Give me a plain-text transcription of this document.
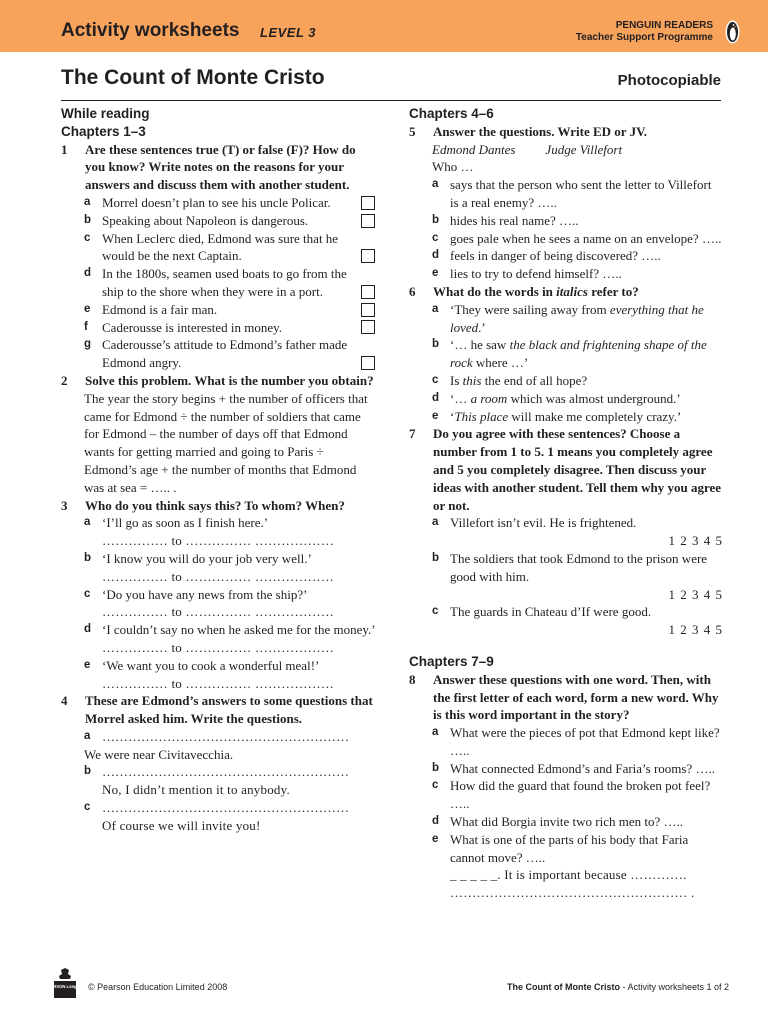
Activity worksheets LEVEL 3	PENGUIN READERS
Teacher Support Programme
The Count of Monte Cristo	Photocopiable
While reading
Chapters 1–3
1 Are these sentences true (T) or false (F)? How do you know? Write notes on the reasons for your answers and discuss them with another student.
a Morrel doesn’t plan to see his uncle Policar.
b Speaking about Napoleon is dangerous.
c When Leclerc died, Edmond was sure that he would be the next Captain.
d In the 1800s, seamen used boats to go from the ship to the shore when they were in a port.
e Edmond is a fair man.
f Caderousse is interested in money.
g Caderousse’s attitude to Edmond’s father made Edmond angry.
2 Solve this problem. What is the number you obtain?
The year the story begins + the number of officers that came for Edmond ÷ the number of soldiers that came for Edmond – the number of days off that Edmond wants for getting married and going to Paris ÷ Edmond’s age + the number of months that Edmond was at sea = ….. .
3 Who do you think says this? To whom? When?
a ‘I’ll go as soon as I finish here.’
…………… to …………… ………………
b ‘I know you will do your job very well.’
…………… to …………… ………………
c ‘Do you have any news from the ship?’
…………… to …………… ………………
d ‘I couldn’t say no when he asked me for the money.’
…………… to …………… ………………
e ‘We want you to cook a wonderful meal!’
…………… to …………… ………………
4 These are Edmond’s answers to some questions that Morrel asked him. Write the questions.
a …………………………………………………
We were near Civitavecchia.
b …………………………………………………
No, I didn’t mention it to anybody.
c …………………………………………………
Of course we will invite you!
Chapters 4–6
5 Answer the questions. Write ED or JV.
Edmond Dantes Judge Villefort
Who …
a says that the person who sent the letter to Villefort is a real enemy? …..
b hides his real name? …..
c goes pale when he sees a name on an envelope? …..
d feels in danger of being discovered? …..
e lies to try to defend himself? …..
6 What do the words in italics refer to?
a ‘They were sailing away from everything that he loved.’
b ‘… he saw the black and frightening shape of the rock where …’
c Is this the end of all hope?
d ‘… a room which was almost underground.’
e ‘This place will make me completely crazy.’
7 Do you agree with these sentences? Choose a number from 1 to 5. 1 means you completely agree and 5 you completely disagree. Then discuss your ideas with another student. Tell them why you agree or not.
a Villefort isn’t evil. He is frightened.
1 2 3 4 5
b The soldiers that took Edmond to the prison were good with him.
1 2 3 4 5
c The guards in Chateau d’If were good.
1 2 3 4 5
Chapters 7–9
8 Answer these questions with one word. Then, with the first letter of each word, form a new word. Why is this word important in the story?
a What were the pieces of pot that Edmond kept like? …..
b What connected Edmond’s and Faria’s rooms? …..
c How did the guard that found the broken pot feel? …..
d What did Borgia invite two rich men to? …..
e What is one of the parts of his body that Faria cannot move? …..
_ _ _ _ _. It is important because ………….
……………………………………………… .
PEARSON Longman © Pearson Education Limited 2008	The Count of Monte Cristo - Activity worksheets 1 of 2
